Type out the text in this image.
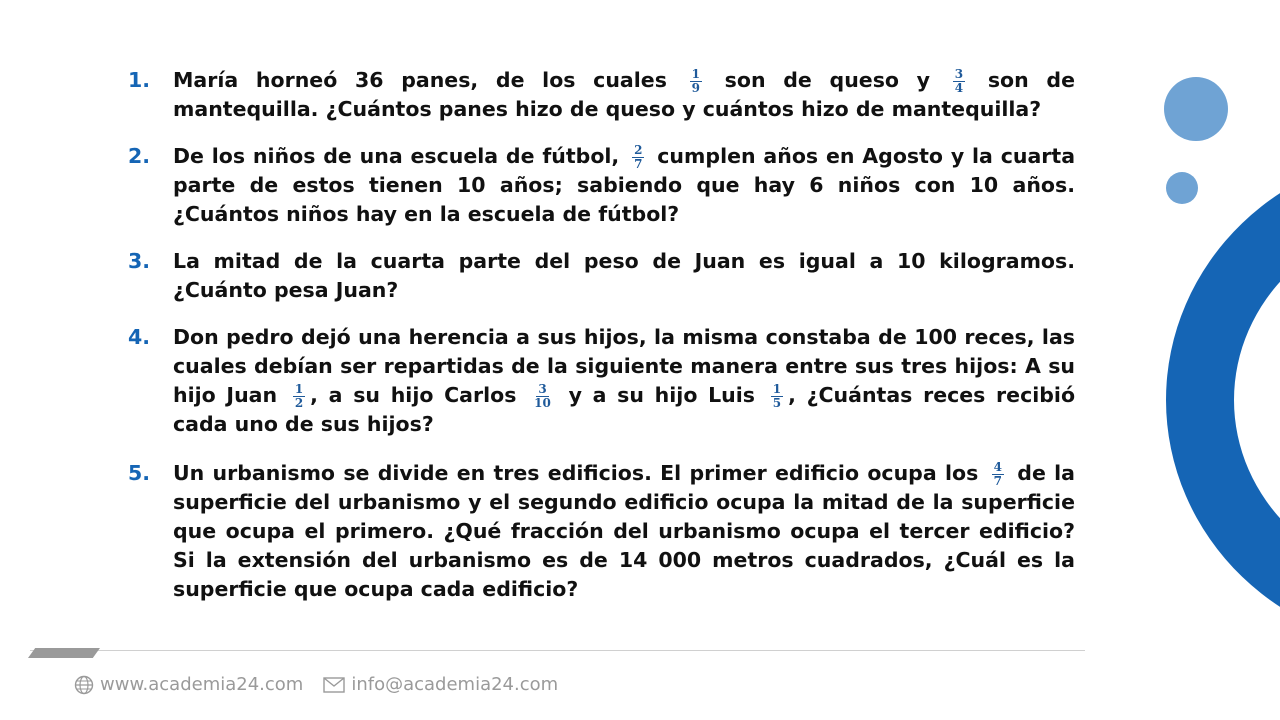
1.	María horneó 36 panes, de los cuales $\frac{1}{9}$ son de queso y $\frac{3}{4}$ son de mantequilla. ¿Cuántos panes hizo de queso y cuántos hizo de mantequilla?
2.	De los niños de una escuela de fútbol, $\frac{2}{7}$ cumplen años en Agosto y la cuarta parte de estos tienen 10 años; sabiendo que hay 6 niños con 10 años. ¿Cuántos niños hay en la escuela de fútbol?
3.	La mitad de la cuarta parte del peso de Juan es igual a 10 kilogramos. ¿Cuánto pesa Juan?
4.	Don pedro dejó una herencia a sus hijos, la misma constaba de 100 reces, las cuales debían ser repartidas de la siguiente manera entre sus tres hijos: A su hijo Juan $\frac{1}{2}$ , a su hijo Carlos $\frac{3}{10}$ y a su hijo Luis $\frac{1}{5}$ , ¿Cuántas reces recibió cada uno de sus hijos?
5.	Un urbanismo se divide en tres edificios. El primer edificio ocupa los $\frac{4}{7}$ de la superficie del urbanismo y el segundo edificio ocupa la mitad de la superficie que ocupa el primero. ¿Qué fracción del urbanismo ocupa el tercer edificio? Si la extensión del urbanismo es de 14 000 metros cuadrados, ¿Cuál es la superficie que ocupa cada edificio?
www.academia24.com	info@academia24.com
